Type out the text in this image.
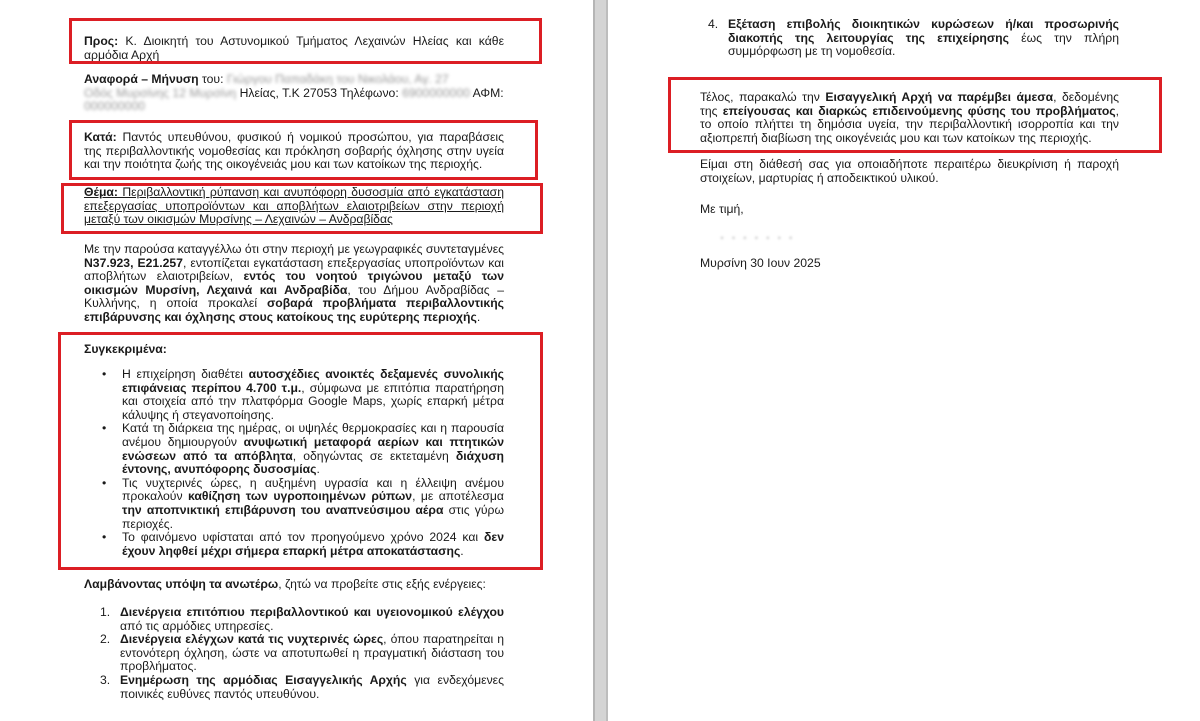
Προς: Κ. Διοικητή του Αστυνομικού Τμήματος Λεχαινών Ηλείας και κάθε αρμόδια Αρχή

Αναφορά – Μήνυση του: Γιώργου Παπαδάκη του Νικολάου, Αγ. 27
Οδός Μυρσίνης 12 Μυρσίνη Ηλείας, Τ.Κ 27053 Τηλέφωνο: 6900000000 ΑΦΜ:
000000000

Κατά: Παντός υπευθύνου, φυσικού ή νομικού προσώπου, για παραβάσεις της περιβαλλοντικής νομοθεσίας και πρόκληση σοβαρής όχλησης στην υγεία και την ποιότητα ζωής της οικογένειάς μου και των κατοίκων της περιοχής.

Θέμα: Περιβαλλοντική ρύπανση και ανυπόφορη δυσοσμία από εγκατάσταση επεξεργασίας υποπροϊόντων και αποβλήτων ελαιοτριβείων στην περιοχή μεταξύ των οικισμών Μυρσίνης – Λεχαινών – Ανδραβίδας

Με την παρούσα καταγγέλλω ότι στην περιοχή με γεωγραφικές συντεταγμένες N37.923, E21.257, εντοπίζεται εγκατάσταση επεξεργασίας υποπροϊόντων και αποβλήτων ελαιοτριβείων, εντός του νοητού τριγώνου μεταξύ των οικισμών Μυρσίνη, Λεχαινά και Ανδραβίδα, του Δήμου Ανδραβίδας – Κυλλήνης, η οποία προκαλεί σοβαρά προβλήματα περιβαλλοντικής επιβάρυνσης και όχλησης στους κατοίκους της ευρύτερης περιοχής.

Συγκεκριμένα:

• Η επιχείρηση διαθέτει αυτοσχέδιες ανοικτές δεξαμενές συνολικής επιφάνειας περίπου 4.700 τ.μ., σύμφωνα με επιτόπια παρατήρηση και στοιχεία από την πλατφόρμα Google Maps, χωρίς επαρκή μέτρα κάλυψης ή στεγανοποίησης.
• Κατά τη διάρκεια της ημέρας, οι υψηλές θερμοκρασίες και η παρουσία ανέμου δημιουργούν ανυψωτική μεταφορά αερίων και πτητικών ενώσεων από τα απόβλητα, οδηγώντας σε εκτεταμένη διάχυση έντονης, ανυπόφορης δυσοσμίας.
• Τις νυχτερινές ώρες, η αυξημένη υγρασία και η έλλειψη ανέμου προκαλούν καθίζηση των υγροποιημένων ρύπων, με αποτέλεσμα την αποπνικτική επιβάρυνση του αναπνεύσιμου αέρα στις γύρω περιοχές.
• Το φαινόμενο υφίσταται από τον προηγούμενο χρόνο 2024 και δεν έχουν ληφθεί μέχρι σήμερα επαρκή μέτρα αποκατάστασης.

Λαμβάνοντας υπόψη τα ανωτέρω, ζητώ να προβείτε στις εξής ενέργειες:

1. Διενέργεια επιτόπιου περιβαλλοντικού και υγειονομικού ελέγχου από τις αρμόδιες υπηρεσίες.
2. Διενέργεια ελέγχων κατά τις νυχτερινές ώρες, όπου παρατηρείται η εντονότερη όχληση, ώστε να αποτυπωθεί η πραγματική διάσταση του προβλήματος.
3. Ενημέρωση της αρμόδιας Εισαγγελικής Αρχής για ενδεχόμενες ποινικές ευθύνες παντός υπευθύνου.
4. Εξέταση επιβολής διοικητικών κυρώσεων ή/και προσωρινής διακοπής της λειτουργίας της επιχείρησης έως την πλήρη συμμόρφωση με τη νομοθεσία.

Τέλος, παρακαλώ την Εισαγγελική Αρχή να παρέμβει άμεσα, δεδομένης της επείγουσας και διαρκώς επιδεινούμενης φύσης του προβλήματος, το οποίο πλήττει τη δημόσια υγεία, την περιβαλλοντική ισορροπία και την αξιοπρεπή διαβίωση της οικογένειάς μου και των κατοίκων της περιοχής.

Είμαι στη διάθεσή σας για οποιαδήποτε περαιτέρω διευκρίνιση ή παροχή στοιχείων, μαρτυρίας ή αποδεικτικού υλικού.

Με τιμή,

· · · · · · ·

Μυρσίνη 30 Ιουν 2025
